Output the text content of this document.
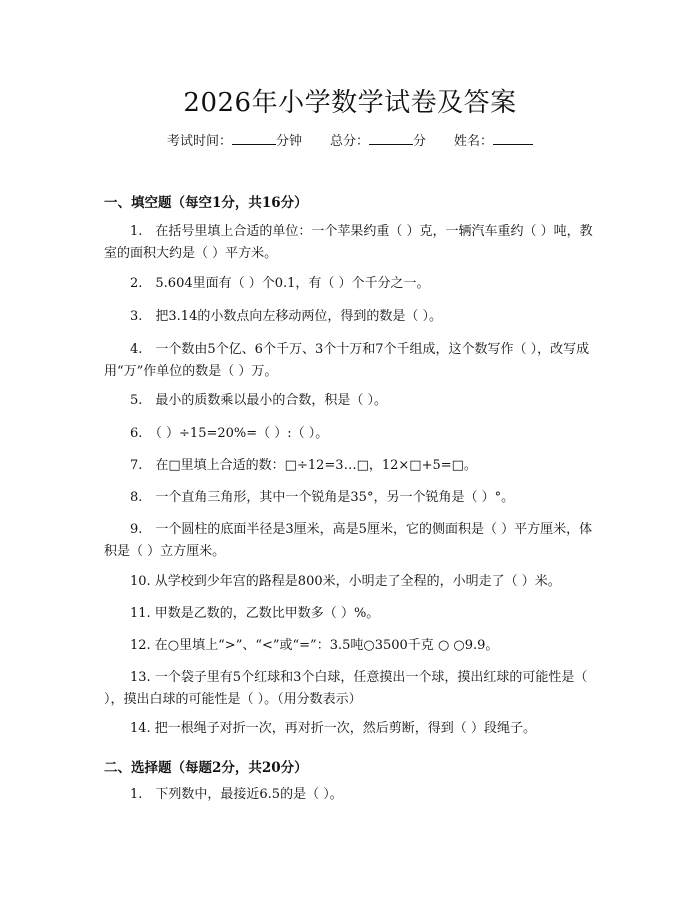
2026年小学数学试卷及答案
考试时间：	分钟 总分：	分 姓名：
一、填空题（每空1分，共16分）
1.　在括号里填上合适的单位：一个苹果约重（ ）克，一辆汽车重约（ ）吨，教室的面积大约是（ ）平方米。
2.　5.604里面有（ ）个0.1，有（ ）个千分之一。
3.　把3.14的小数点向左移动两位，得到的数是（ ）。
4.　一个数由5个亿、6个千万、3个十万和7个千组成，这个数写作（ ），改写成用“万”作单位的数是（ ）万。
5.　最小的质数乘以最小的合数，积是（ ）。
6.　（ ）÷15=20%=（ ）:（ ）。
7.　在□里填上合适的数：□÷12=3…□，12×□+5=□。
8.　一个直角三角形，其中一个锐角是35°，另一个锐角是（ ）°。
9.　一个圆柱的底面半径是3厘米，高是5厘米，它的侧面积是（ ）平方厘米，体积是（ ）立方厘米。
10. 从学校到少年宫的路程是800米，小明走了全程的，小明走了（ ）米。
11. 甲数是乙数的，乙数比甲数多（ ）%。
12. 在○里填上“>”、“<”或“=”：3.5吨○3500千克 ○ ○9.9。
13. 一个袋子里有5个红球和3个白球，任意摸出一个球，摸出红球的可能性是（ ），摸出白球的可能性是（ ）。（用分数表示）
14. 把一根绳子对折一次，再对折一次，然后剪断，得到（ ）段绳子。
二、选择题（每题2分，共20分）
1.　下列数中，最接近6.5的是（ ）。
